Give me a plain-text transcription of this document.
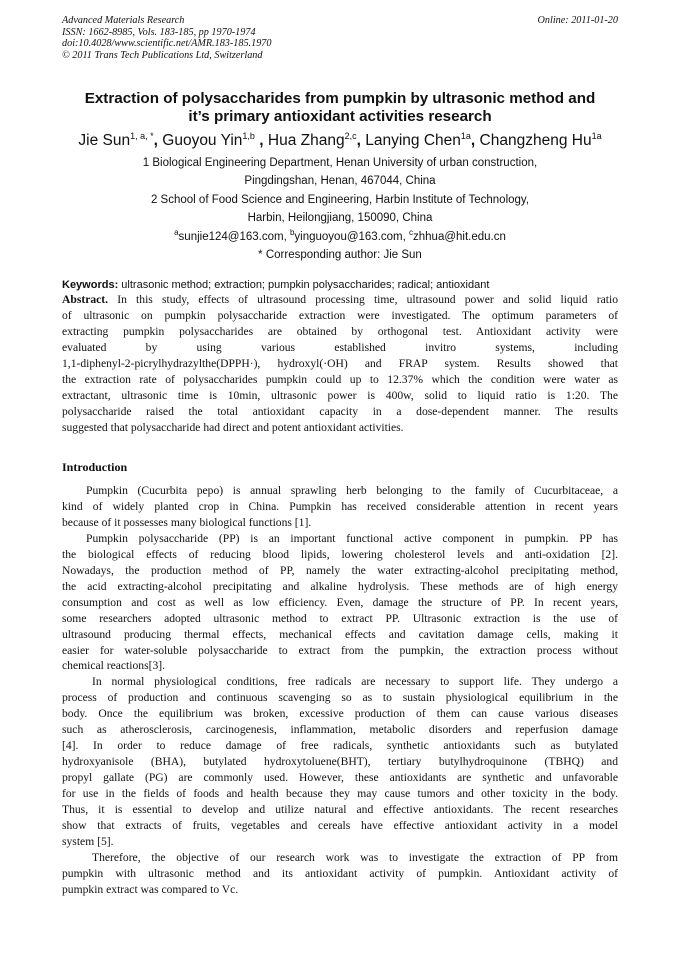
Advanced Materials Research
ISSN: 1662-8985, Vols. 183-185, pp 1970-1974
doi:10.4028/www.scientific.net/AMR.183-185.1970
© 2011 Trans Tech Publications Ltd, Switzerland
Online: 2011-01-20
Extraction of polysaccharides from pumpkin by ultrasonic method and
it’s primary antioxidant activities research
Jie Sun$^{1, a, *}$, Guoyou Yin$^{1,b}$ , Hua Zhang$^{2,c}$, Lanying Chen$^{1a}$, Changzheng $Hu^{1a}$
1 Biological Engineering Department, Henan University of urban construction,
Pingdingshan, Henan, 467044, China
2 School of Food Science and Engineering, Harbin Institute of Technology,
Harbin, Heilongjiang, 150090, China
$^a$sunjie124@163.com, $^b$yinguoyou@163.com, $^c$zhhua@hit.edu.cn
* Corresponding author: Jie Sun
Keywords: ultrasonic method; extraction; pumpkin polysaccharides; radical; antioxidant
Abstract. In this study, effects of ultrasound processing time, ultrasound power and solid liquid ratio
of ultrasonic on pumpkin polysaccharide extraction were investigated. The optimum parameters of
extracting pumpkin polysaccharides are obtained by orthogonal test. Antioxidant activity were
evaluated by using various established invitro systems, including
1,1-diphenyl-2-picrylhydrazylthe(DPPH·), hydroxyl(·OH) and FRAP system. Results showed that
the extraction rate of polysaccharides pumpkin could up to 12.37% which the condition were water as
extractant, ultrasonic time is 10min, ultrasonic power is 400w, solid to liquid ratio is 1:20. The
polysaccharide raised the total antioxidant capacity in a dose-dependent manner. The results
suggested that polysaccharide had direct and potent antioxidant activities.
Introduction
Pumpkin (Cucurbita pepo) is annual sprawling herb belonging to the family of Cucurbitaceae, a
kind of widely planted crop in China. Pumpkin has received considerable attention in recent years
because of it possesses many biological functions [1].
Pumpkin polysaccharide (PP) is an important functional active component in pumpkin. PP has
the biological effects of reducing blood lipids, lowering cholesterol levels and anti-oxidation [2].
Nowadays, the production method of PP, namely the water extracting-alcohol precipitating method,
the acid extracting-alcohol precipitating and alkaline hydrolysis. These methods are of high energy
consumption and cost as well as low efficiency. Even, damage the structure of PP. In recent years,
some researchers adopted ultrasonic method to extract PP. Ultrasonic extraction is the use of
ultrasound producing thermal effects, mechanical effects and cavitation damage cells, making it
easier for water-soluble polysaccharide to extract from the pumpkin, the extraction process without
chemical reactions[3].
In normal physiological conditions, free radicals are necessary to support life. They undergo a
process of production and continuous scavenging so as to sustain physiological equilibrium in the
body. Once the equilibrium was broken, excessive production of them can cause various diseases
such as atherosclerosis, carcinogenesis, inflammation, metabolic disorders and reperfusion damage
[4]. In order to reduce damage of free radicals, synthetic antioxidants such as butylated
hydroxyanisole (BHA), butylated hydroxytoluene(BHT), tertiary butylhydroquinone (TBHQ) and
propyl gallate (PG) are commonly used. However, these antioxidants are synthetic and unfavorable
for use in the fields of foods and health because they may cause tumors and other toxicity in the body.
Thus, it is essential to develop and utilize natural and effective antioxidants. The recent researches
show that extracts of fruits, vegetables and cereals have effective antioxidant activity in a model
system [5].
Therefore, the objective of our research work was to investigate the extraction of PP from
pumpkin with ultrasonic method and its antioxidant activity of pumpkin. Antioxidant activity of
pumpkin extract was compared to Vc.
